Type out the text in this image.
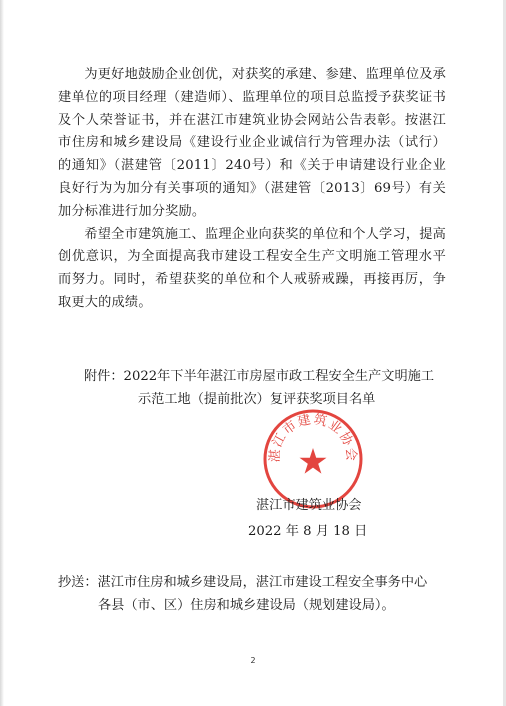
为更好地鼓励企业创优，对获奖的承建、参建、监理单位及承建单位的项目经理（建造师）、监理单位的项目总监授予获奖证书及个人荣誉证书，并在湛江市建筑业协会网站公告表彰。按湛江市住房和城乡建设局《建设行业企业诚信行为管理办法（试行）的通知》（湛建管〔2011〕240号）和《关于申请建设行业企业良好行为为加分有关事项的通知》（湛建管〔2013〕69号）有关加分标准进行加分奖励。

希望全市建筑施工、监理企业向获奖的单位和个人学习，提高创优意识，为全面提高我市建设工程安全生产文明施工管理水平而努力。同时，希望获奖的单位和个人戒骄戒躁，再接再厉，争取更大的成绩。

附件：2022年下半年湛江市房屋市政工程安全生产文明施工
示范工地（提前批次）复评获奖项目名单
湛江市建筑业协会
湛江市建筑业协会
2022 年 8 月 18 日
抄送：湛江市住房和城乡建设局，湛江市建设工程安全事务中心
各县（市、区）住房和城乡建设局（规划建设局）。
2
